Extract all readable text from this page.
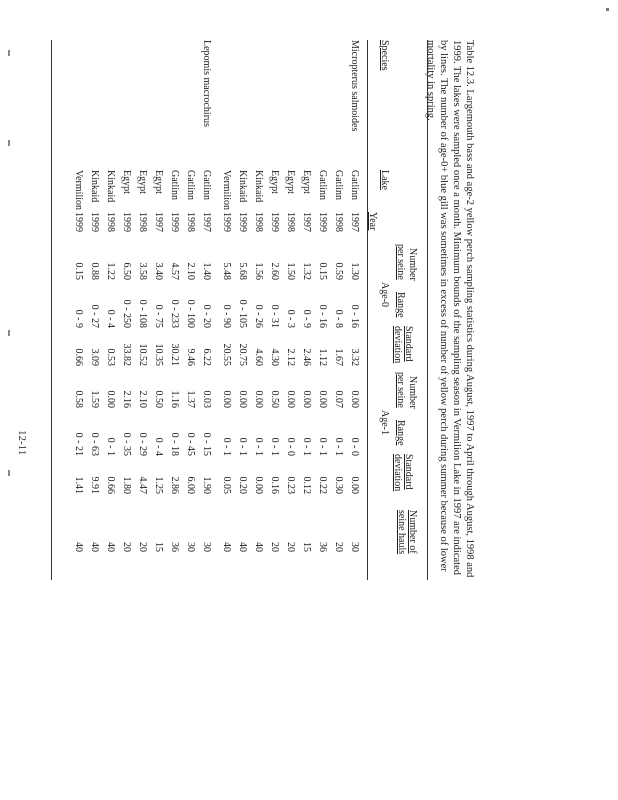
Table 12.3. Largemouth bass and age-2 yellow perch sampling statistics during August, 1997 to April through August, 1998 and 1999. The lakes were sampled once a month. Minimum bounds of the sampling season in Vermilion Lake in 1997 are indicated by lines. The number of age-0+ blue gill was sometimes in excess of number of yellow perch during summer because of lower mortality in spring.
Species
Lake
Year
Number
per seine
Range
Standard deviation
Number
per seine
Range
Standard deviation
Number of seine hauls
Age-0
Age-1
Micropterus salmoides
Gatlinn
1997
1.30
0 - 16
3.32
0.00
0 - 0
0.00
30
Gatlinn
1998
0.59
0 - 8
1.67
0.07
0 - 1
0.30
20
Gatlinn
1999
0.15
0 - 16
1.12
0.00
0 - 1
0.22
36
Egypt
1997
1.32
0 - 9
2.46
0.00
0 - 1
0.12
15
Egypt
1998
1.50
0 - 3
2.12
0.00
0 - 0
0.23
20
Egypt
1999
2.60
0 - 31
4.30
0.50
0 - 1
0.16
20
Kinkaid
1998
1.56
0 - 26
4.60
0.00
0 - 1
0.00
40
Kinkaid
1999
5.68
0 - 105
20.75
0.00
0 - 1
0.20
40
Vermilion
1999
5.48
0 - 90
20.55
0.00
0 - 1
0.05
40
Lepomis macrochirus
Gatlinn
1997
1.40
0 - 20
6.22
0.03
0 - 15
1.90
30
Gatlinn
1998
2.10
0 - 100
9.46
1.37
0 - 45
6.00
30
Gatlinn
1999
4.57
0 - 233
30.21
1.16
0 - 18
2.86
36
Egypt
1997
3.40
0 - 75
10.35
0.50
0 - 4
1.25
15
Egypt
1998
3.58
0 - 108
10.52
2.10
0 - 29
4.47
20
Egypt
1999
6.50
0 - 250
33.82
2.16
0 - 35
1.80
20
Kinkaid
1998
1.22
0 - 4
0.53
0.00
0 - 1
0.66
40
Kinkaid
1999
0.88
0 - 27
3.09
1.59
0 - 63
9.91
40
Vermilion
1999
0.15
0 - 9
0.66
0.58
0 - 21
1.41
40
12-11
